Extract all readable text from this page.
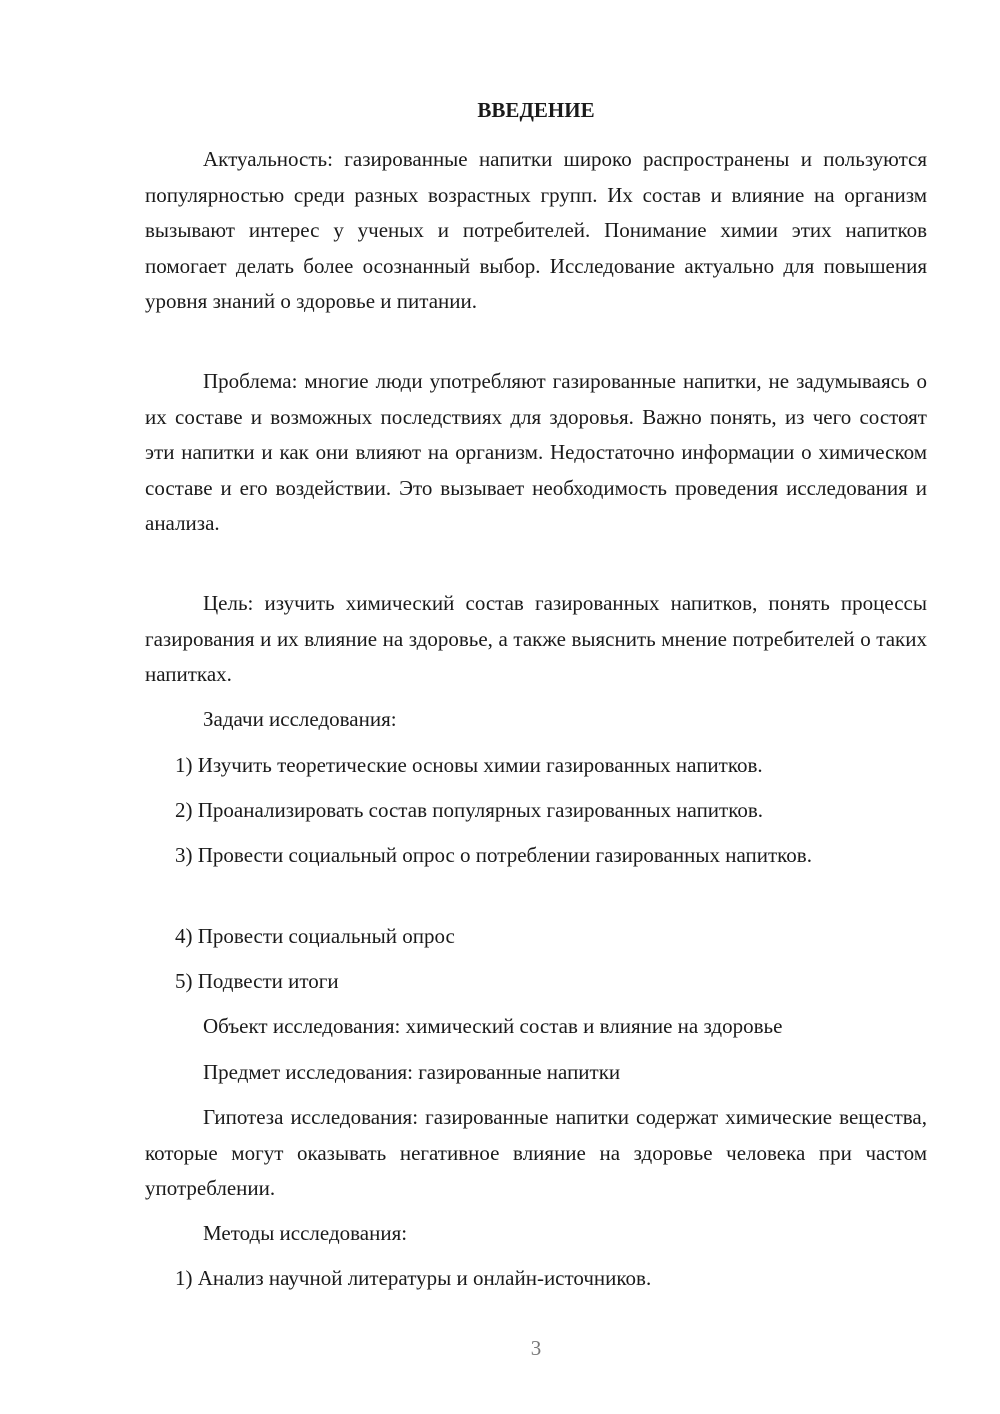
ВВЕДЕНИЕ

Актуальность: газированные напитки широко распространены и пользуются популярностью среди разных возрастных групп. Их состав и влияние на организм вызывают интерес у ученых и потребителей. Понимание химии этих напитков помогает делать более осознанный выбор. Исследование актуально для повышения уровня знаний о здоровье и питании.

Проблема: многие люди употребляют газированные напитки, не задумываясь о их составе и возможных последствиях для здоровья. Важно понять, из чего состоят эти напитки и как они влияют на организм. Недостаточно информации о химическом составе и его воздействии. Это вызывает необходимость проведения исследования и анализа.

Цель: изучить химический состав газированных напитков, понять процессы газирования и их влияние на здоровье, а также выяснить мнение потребителей о таких напитках.

Задачи исследования:

1) Изучить теоретические основы химии газированных напитков.

2) Проанализировать состав популярных газированных напитков.

3) Провести социальный опрос о потреблении газированных напитков.

4) Провести социальный опрос

5) Подвести итоги

Объект исследования: химический состав и влияние на здоровье

Предмет исследования: газированные напитки

Гипотеза исследования: газированные напитки содержат химические вещества, которые могут оказывать негативное влияние на здоровье человека при частом употреблении.

Методы исследования:

1) Анализ научной литературы и онлайн-источников.

3
